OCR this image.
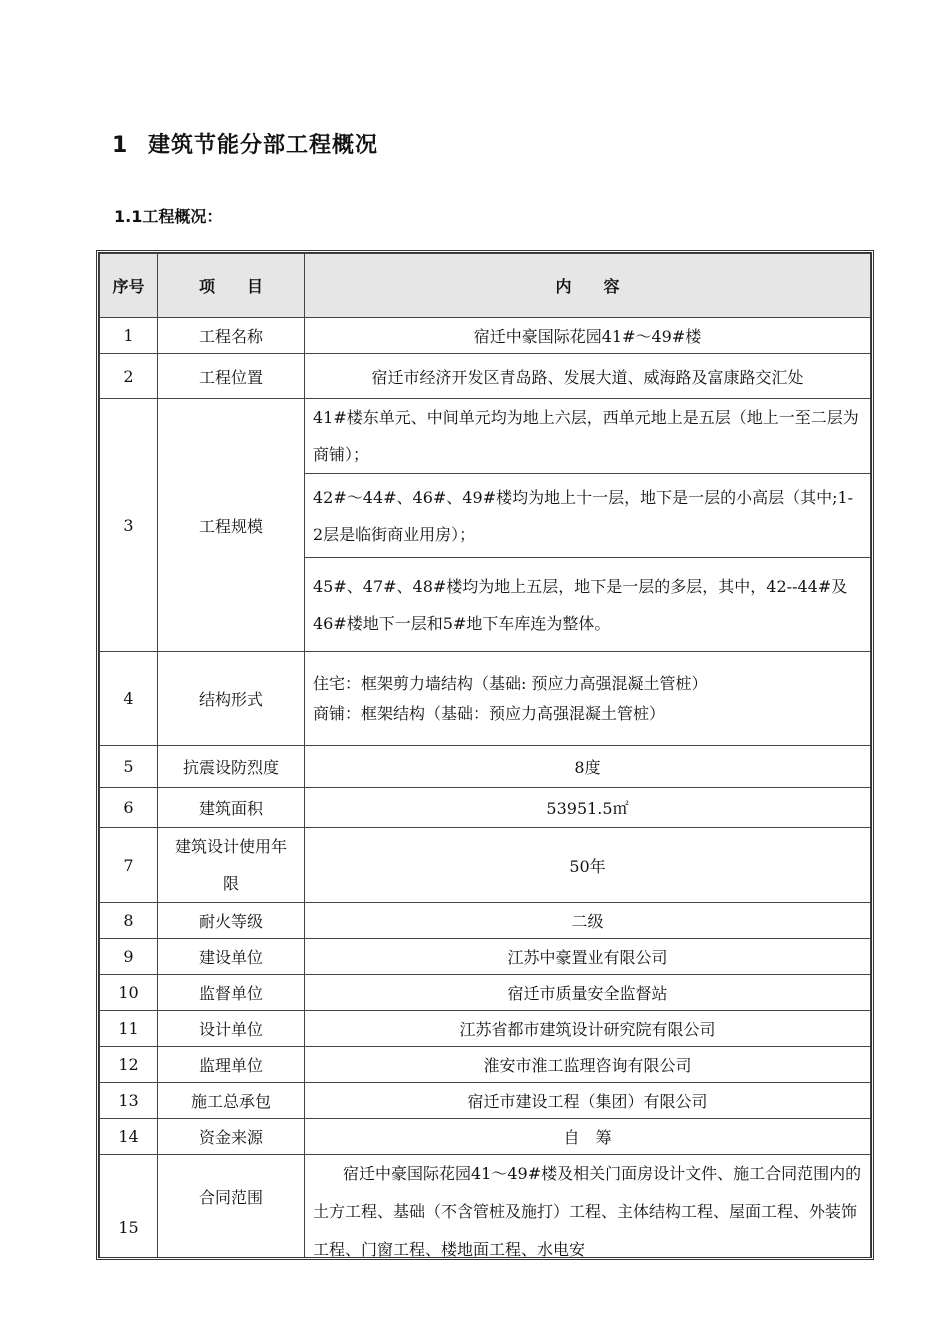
1 建筑节能分部工程概况
1.1工程概况：
序号	项　　目	内　　容
1	工程名称	宿迁中豪国际花园41#～49#楼
2	工程位置	宿迁市经济开发区青岛路、发展大道、威海路及富康路交汇处
3	工程规模	41#楼东单元、中间单元均为地上六层，西单元地上是五层（地上一至二层为商铺）；
		42#～44#、46#、49#楼均为地上十一层，地下是一层的小高层（其中;1-2层是临街商业用房）；
		45#、47#、48#楼均为地上五层，地下是一层的多层，其中，42--44#及46#楼地下一层和5#地下车库连为整体。
4	结构形式	住宅：框架剪力墙结构（基础: 预应力高强混凝土管桩）
商铺：框架结构（基础：预应力高强混凝土管桩）

5	抗震设防烈度	8度
6	建筑面积	53951.5㎡
7	建筑设计使用年限	50年
8	耐火等级	二级
9	建设单位	江苏中豪置业有限公司
10	监督单位	宿迁市质量安全监督站
11	设计单位	江苏省都市建筑设计研究院有限公司
12	监理单位	淮安市淮工监理咨询有限公司
13	施工总承包	宿迁市建设工程（集团）有限公司
14	资金来源	自　筹
15	合同范围	宿迁中豪国际花园41～49#楼及相关门面房设计文件、施工合同范围内的土方工程、基础（不含管桩及施打）工程、主体结构工程、屋面工程、外装饰工程、门窗工程、楼地面工程、水电安
